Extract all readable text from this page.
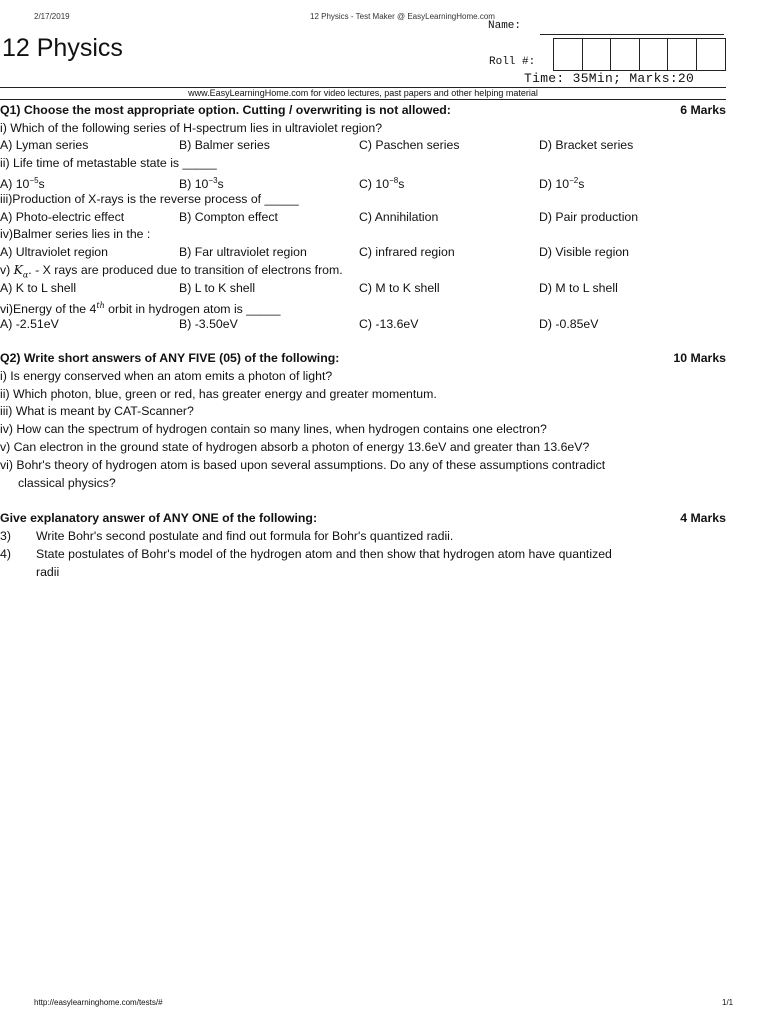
2/17/2019	12 Physics - Test Maker @ EasyLearningHome.com
12 Physics
Name:
Roll #:
Time: 35Min; Marks:20
www.EasyLearningHome.com for video lectures, past papers and other helping material
Q1) Choose the most appropriate option. Cutting / overwriting is not allowed:	6 Marks
i) Which of the following series of H-spectrum lies in ultraviolet region?
A) Lyman series	B) Balmer series	C) Paschen series	D) Bracket series
ii) Life time of metastable state is _____
A) $10^{-5}s$	B) $10^{-3}s$	C) $10^{-8}s$	D) $10^{-2}s$
iii)Production of X-rays is the reverse process of _____
A) Photo-electric effect	B) Compton effect	C) Annihilation	D) Pair production
iv)Balmer series lies in the :
A) Ultraviolet region	B) Far ultraviolet region	C) infrared region	D) Visible region
v) $K_\alpha$. - X rays are produced due to transition of electrons from.
A) K to L shell	B) L to K shell	C) M to K shell	D) M to L shell
vi)Energy of the 4th orbit in hydrogen atom is _____
A) -2.51eV	B) -3.50eV	C) -13.6eV	D) -0.85eV
Q2) Write short answers of ANY FIVE (05) of the following:	10 Marks
i) Is energy conserved when an atom emits a photon of light?
ii) Which photon, blue, green or red, has greater energy and greater momentum.
iii) What is meant by CAT-Scanner?
iv) How can the spectrum of hydrogen contain so many lines, when hydrogen contains one electron?
v) Can electron in the ground state of hydrogen absorb a photon of energy 13.6eV and greater than 13.6eV?
vi) Bohr's theory of hydrogen atom is based upon several assumptions. Do any of these assumptions contradict
classical physics?
Give explanatory answer of ANY ONE of the following:	4 Marks
3) Write Bohr's second postulate and find out formula for Bohr's quantized radii.
4) State postulates of Bohr's model of the hydrogen atom and then show that hydrogen atom have quantized
radii
http://easylearninghome.com/tests/#	1/1
